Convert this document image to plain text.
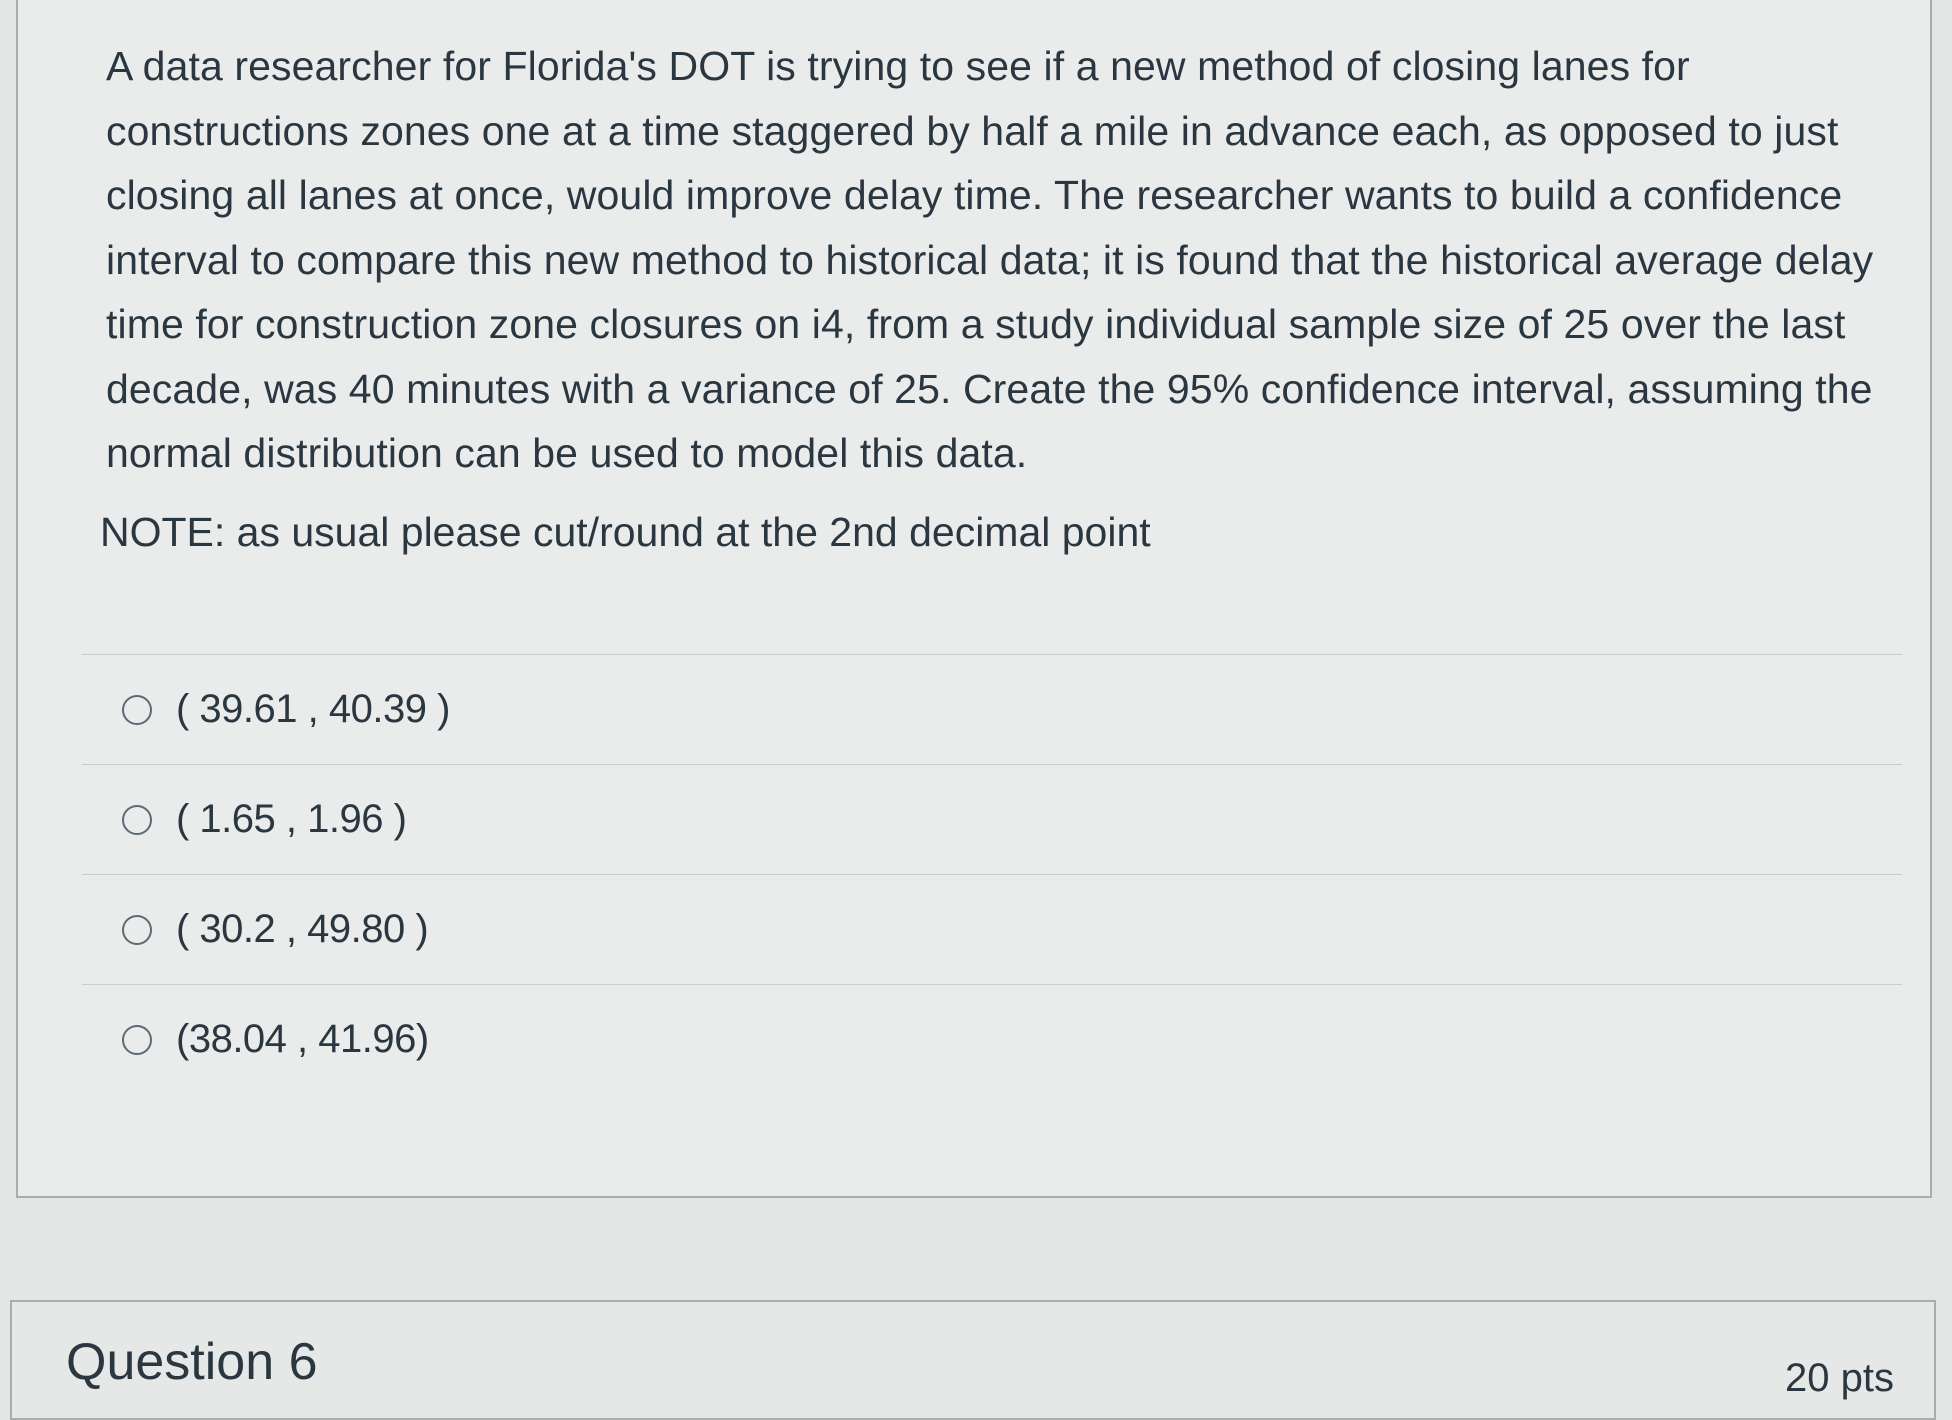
A data researcher for Florida's DOT is trying to see if a new method of closing lanes for constructions zones one at a time staggered by half a mile in advance each, as opposed to just closing all lanes at once, would improve delay time. The researcher wants to build a confidence interval to compare this new method to historical data; it is found that the historical average delay time for construction zone closures on i4, from a study individual sample size of 25 over the last decade, was 40 minutes with a variance of 25. Create the 95% confidence interval, assuming the normal distribution can be used to model this data.

NOTE: as usual please cut/round at the 2nd decimal point
( 39.61 , 40.39 )
( 1.65 , 1.96 )
( 30.2 , 49.80 )
(38.04 , 41.96)
Question 6	20 pts
